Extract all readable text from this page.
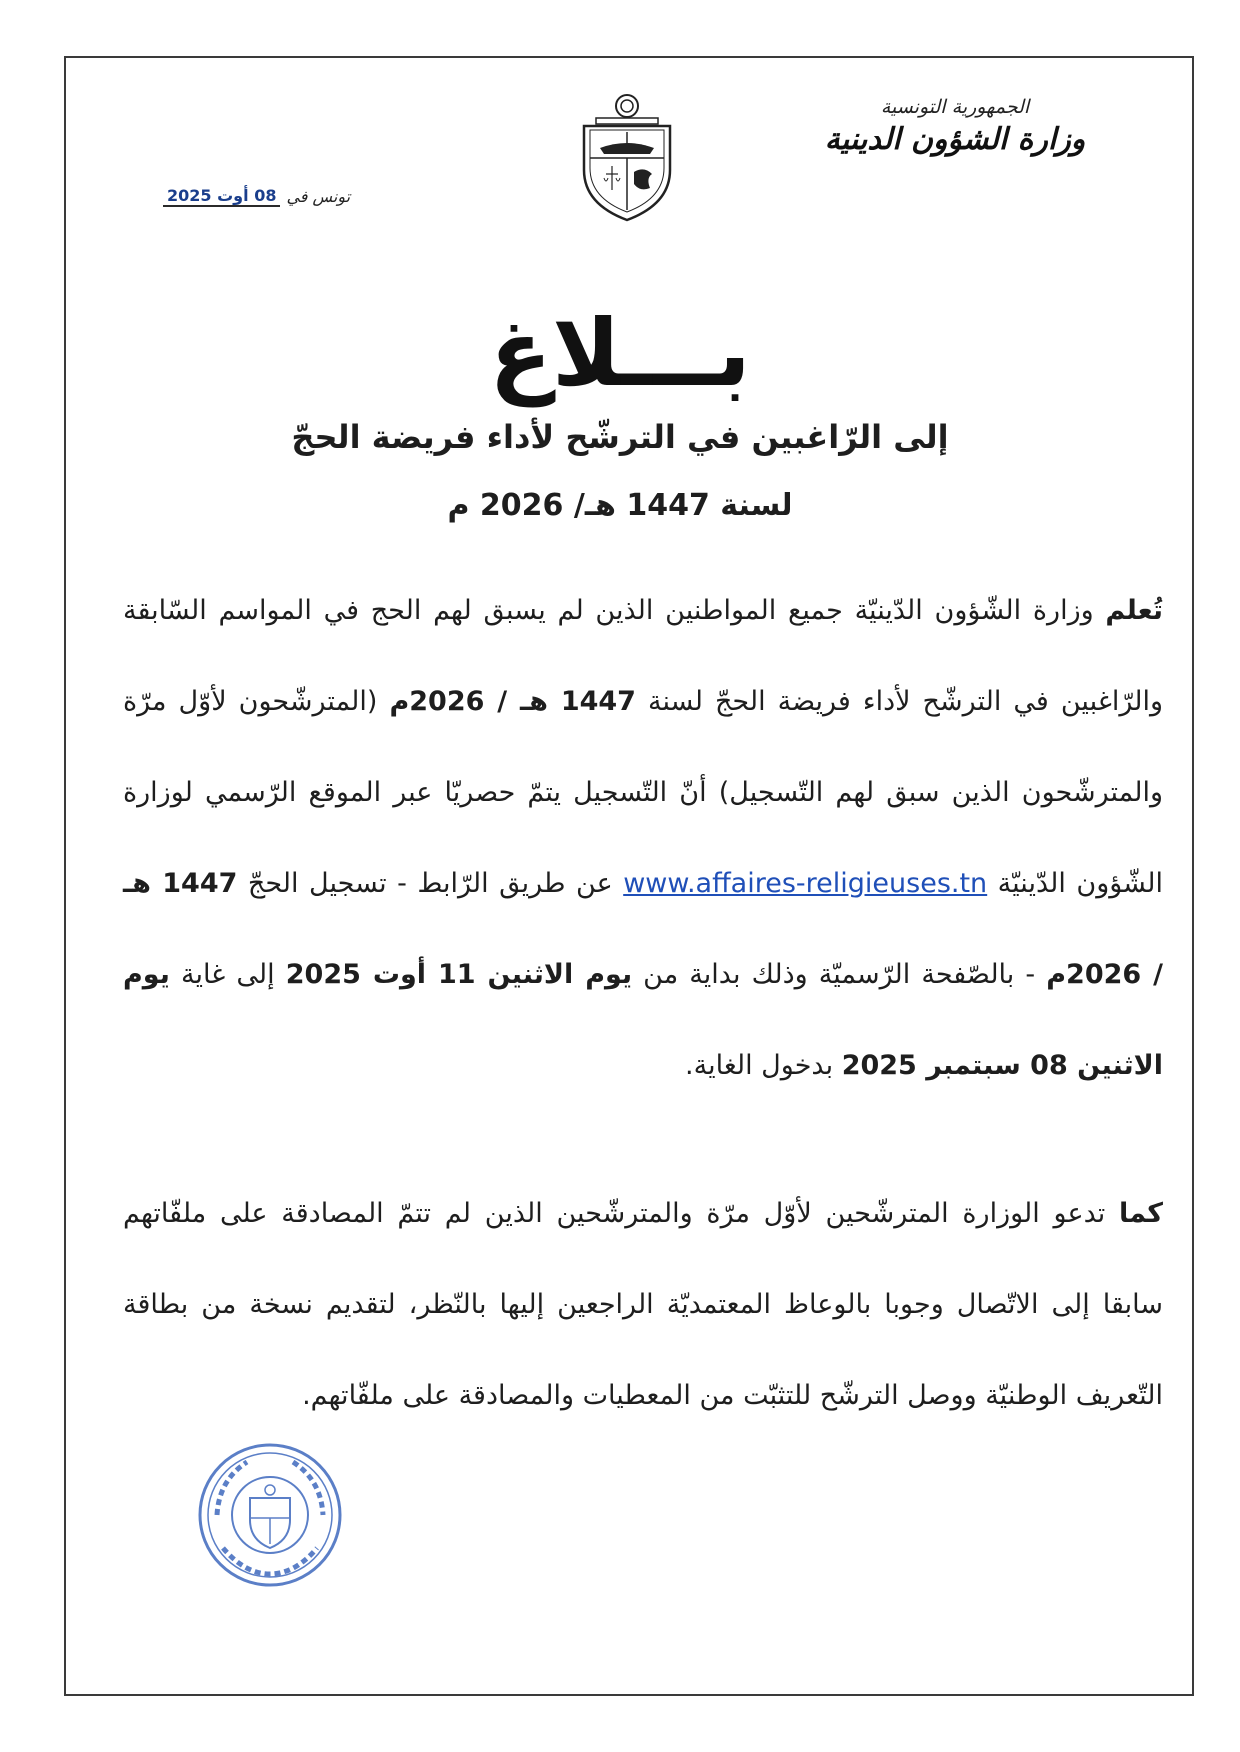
الجمهورية التونسية
وزارة الشؤون الدينية
تونس في
08 أوت 2025
بـــلاغ
إلى الرّاغبين في الترشّح لأداء فريضة الحجّ
لسنة 1447 هـ/ 2026 م
تُعلم وزارة الشّؤون الدّينيّة جميع المواطنين الذين لم يسبق لهم الحج في المواسم السّابقة والرّاغبين في الترشّح لأداء فريضة الحجّ لسنة 1447 هـ / 2026م (المترشّحون لأوّل مرّة والمترشّحون الذين سبق لهم التّسجيل) أنّ التّسجيل يتمّ حصريّا عبر الموقع الرّسمي لوزارة الشّؤون الدّينيّة www.affaires-religieuses.tn عن طريق الرّابط - تسجيل الحجّ 1447 هـ / 2026م - بالصّفحة الرّسميّة وذلك بداية من يوم الاثنين 11 أوت 2025 إلى غاية يوم الاثنين 08 سبتمبر 2025 بدخول الغاية.
كما تدعو الوزارة المترشّحين لأوّل مرّة والمترشّحين الذين لم تتمّ المصادقة على ملفّاتهم سابقا إلى الاتّصال وجوبا بالوعاظ المعتمديّة الراجعين إليها بالنّظر، لتقديم نسخة من بطاقة التّعريف الوطنيّة ووصل الترشّح للتثبّت من المعطيات والمصادقة على ملفّاتهم.
